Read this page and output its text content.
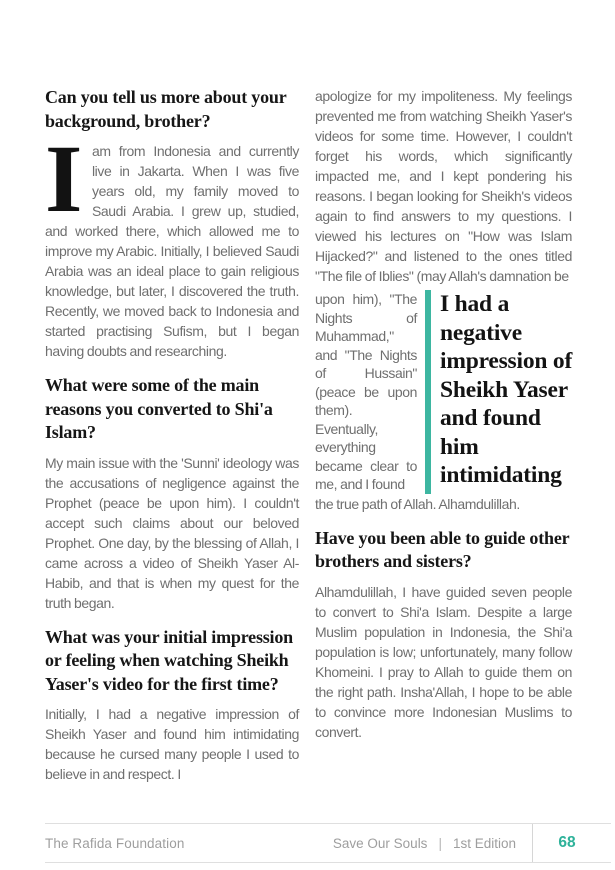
Can you tell us more about your background, brother?

Iam from Indonesia and currently live in Jakarta. When I was five years old, my family moved to Saudi Arabia. I grew up, studied, and worked there, which allowed me to improve my Arabic. Initially, I believed Saudi Arabia was an ideal place to gain religious knowledge, but later, I discovered the truth. Recently, we moved back to Indonesia and started practising Sufism, but I began having doubts and researching.

What were some of the main reasons you converted to Shi'a Islam?

My main issue with the 'Sunni' ideology was the accusations of negligence against the Prophet (peace be upon him). I couldn't accept such claims about our beloved Prophet. One day, by the blessing of Allah, I came across a video of Sheikh Yaser Al-Habib, and that is when my quest for the truth began.

What was your initial impression or feeling when watching Sheikh Yaser's video for the first time?

Initially, I had a negative impression of Sheikh Yaser and found him intimidating because he cursed many people I used to believe in and respect. I

apologize for my impoliteness. My feelings prevented me from watching Sheikh Yaser's videos for some time. However, I couldn't forget his words, which significantly impacted me, and I kept pondering his reasons. I began looking for Sheikh's videos again to find answers to my questions. I viewed his lectures on "How was Islam Hijacked?" and listened to the ones titled "The file of Iblies" (may Allah's damnation be

upon him), "The Nights of Muhammad," and "The Nights of Hussain" (peace be upon them). Eventually, everything became clear to me, and I found

I had a negative impression of Sheikh Yaser and found him intimidating

the true path of Allah. Alhamdulillah.

Have you been able to guide other brothers and sisters?

Alhamdulillah, I have guided seven people to convert to Shi'a Islam. Despite a large Muslim population in Indonesia, the Shi'a population is low; unfortunately, many follow Khomeini. I pray to Allah to guide them on the right path. Insha'Allah, I hope to be able to convince more Indonesian Muslims to convert.

The Rafida Foundation	Save Our Souls | 1st Edition	68
